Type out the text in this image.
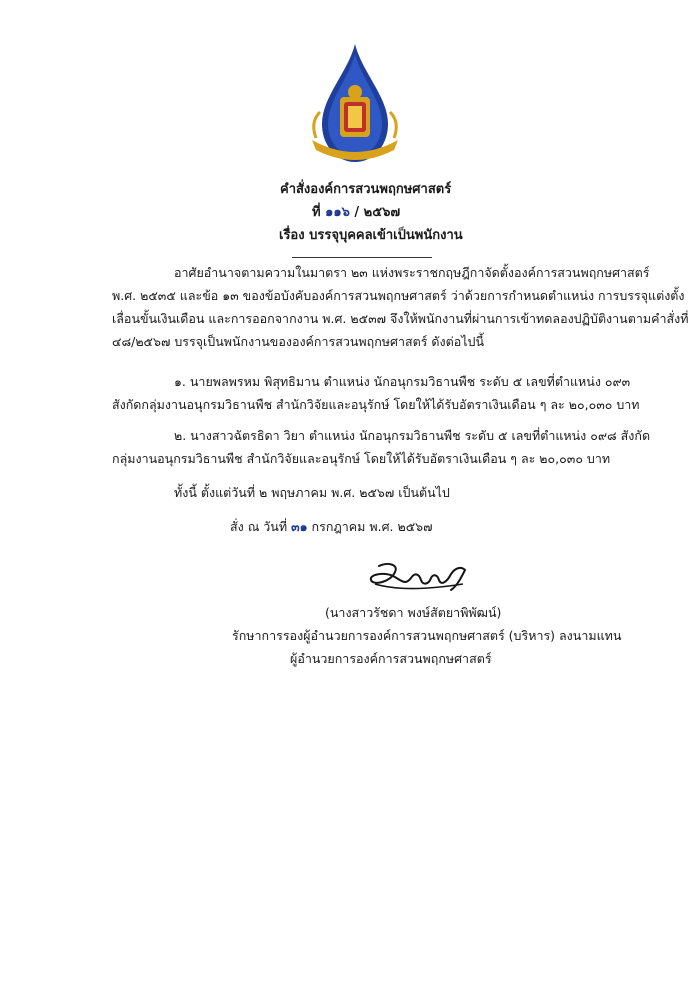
คำสั่งองค์การสวนพฤกษศาสตร์
ที่ ๑๑๖ / ๒๕๖๗
เรื่อง บรรจุบุคคลเข้าเป็นพนักงาน
อาศัยอำนาจตามความในมาตรา ๒๓ แห่งพระราชกฤษฎีกาจัดตั้งองค์การสวนพฤกษศาสตร์
พ.ศ. ๒๕๓๕ และข้อ ๑๓ ของข้อบังคับองค์การสวนพฤกษศาสตร์ ว่าด้วยการกำหนดตำแหน่ง การบรรจุแต่งตั้ง
เลื่อนขั้นเงินเดือน และการออกจากงาน พ.ศ. ๒๕๓๗ จึงให้พนักงานที่ผ่านการเข้าทดลองปฏิบัติงานตามคำสั่งที่
๔๘/๒๕๖๗ บรรจุเป็นพนักงานขององค์การสวนพฤกษศาสตร์ ดังต่อไปนี้
๑. นายพลพรหม พิสุทธิมาน ตำแหน่ง นักอนุกรมวิธานพืช ระดับ ๕ เลขที่ตำแหน่ง ๐๙๓
สังกัดกลุ่มงานอนุกรมวิธานพืช สำนักวิจัยและอนุรักษ์ โดยให้ได้รับอัตราเงินเดือน ๆ ละ ๒๐,๐๓๐ บาท
๒. นางสาวฉัตรธิดา วิยา ตำแหน่ง นักอนุกรมวิธานพืช ระดับ ๕ เลขที่ตำแหน่ง ๐๙๘ สังกัด
กลุ่มงานอนุกรมวิธานพืช สำนักวิจัยและอนุรักษ์ โดยให้ได้รับอัตราเงินเดือน ๆ ละ ๒๐,๐๓๐ บาท
ทั้งนี้ ตั้งแต่วันที่ ๒ พฤษภาคม พ.ศ. ๒๕๖๗ เป็นต้นไป
สั่ง ณ วันที่ ๓๑ กรกฎาคม พ.ศ. ๒๕๖๗
(นางสาวรัชดา พงษ์สัตยาพิพัฒน์)
รักษาการรองผู้อำนวยการองค์การสวนพฤกษศาสตร์ (บริหาร) ลงนามแทน
ผู้อำนวยการองค์การสวนพฤกษศาสตร์
